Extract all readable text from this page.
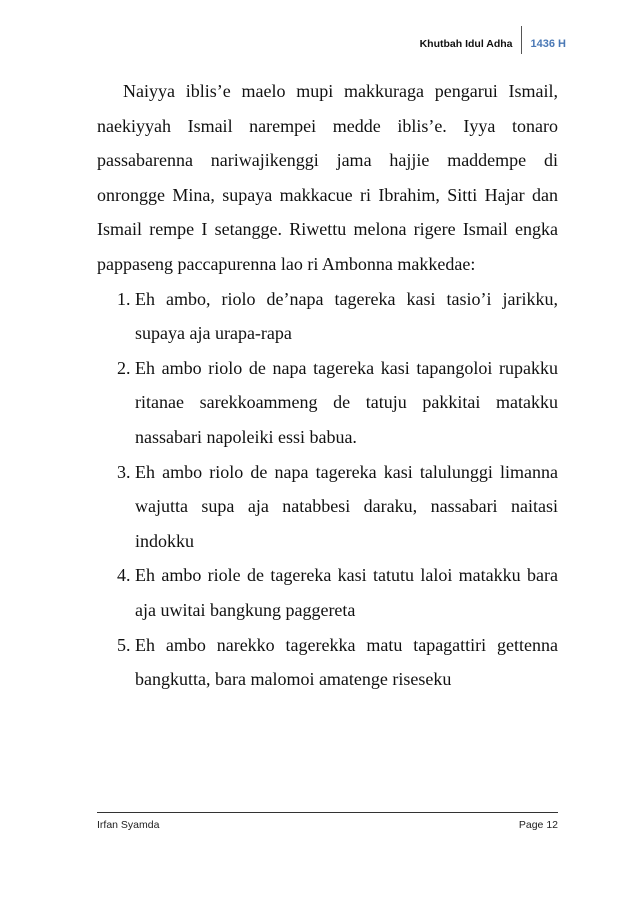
Khutbah Idul Adha	1436 H

Naiyya iblis’e maelo mupi makkuraga pengarui Ismail, naekiyyah Ismail narempei medde iblis’e. Iyya tonaro passabarenna nariwajikenggi jama hajjie maddempe di onrongge Mina, supaya makkacue ri Ibrahim, Sitti Hajar dan Ismail rempe I setangge. Riwettu melona rigere Ismail engka pappaseng paccapurenna lao ri Ambonna makkedae:

1. Eh ambo, riolo de’napa tagereka kasi tasio’i jarikku, supaya aja urapa-rapa
2. Eh ambo riolo de napa tagereka kasi tapangoloi rupakku ritanae sarekkoammeng de tatuju pakkitai matakku nassabari napoleiki essi babua.
3. Eh ambo riolo de napa tagereka kasi talulunggi limanna wajutta supa aja natabbesi daraku, nassabari naitasi indokku
4. Eh ambo riole de tagereka kasi tatutu laloi matakku bara aja uwitai bangkung paggereta
5. Eh ambo narekko tagerekka matu tapagattiri gettenna bangkutta, bara malomoi amatenge riseseku
Irfan Syamda	Page 12
